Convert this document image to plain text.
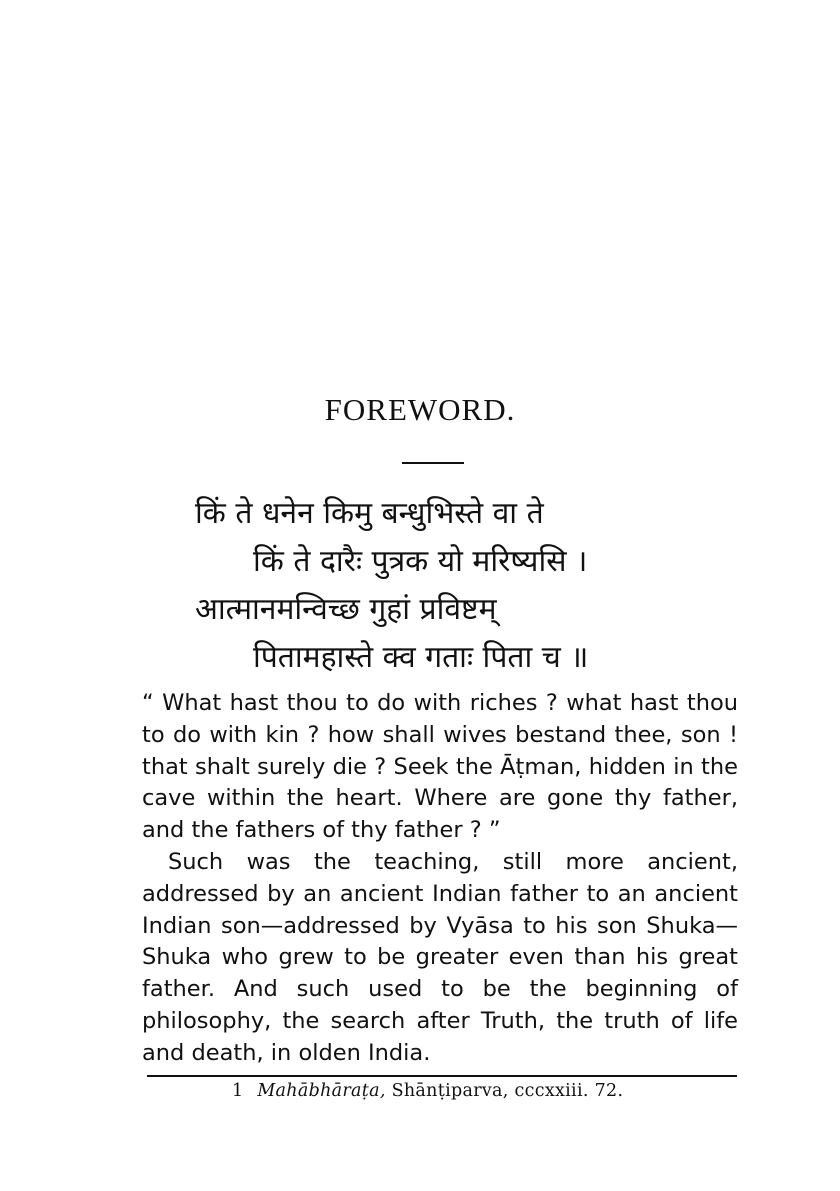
FOREWORD.
किं ते धनेन किमु बन्धुभिस्ते वा ते
किं ते दारैः पुत्रक यो मरिष्यसि ।
आत्मानमन्विच्छ गुहां प्रविष्टम्
पितामहास्ते क्व गताः पिता च ॥

“ What hast thou to do with riches ? what hast thou to do with kin ? how shall wives bestand thee, son ! that shalt surely die ? Seek the Āṭman, hidden in the cave within the heart. Where are gone thy father, and the fathers of thy father ? ”

Such was the teaching, still more ancient, addressed by an ancient Indian father to an ancient Indian son—addressed by Vyāsa to his son Shuka—Shuka who grew to be greater even than his great father. And such used to be the beginning of philosophy, the search after Truth, the truth of life and death, in olden India.

1 Mahābhāraṭa, Shānṭiparva, cccxxiii. 72.
